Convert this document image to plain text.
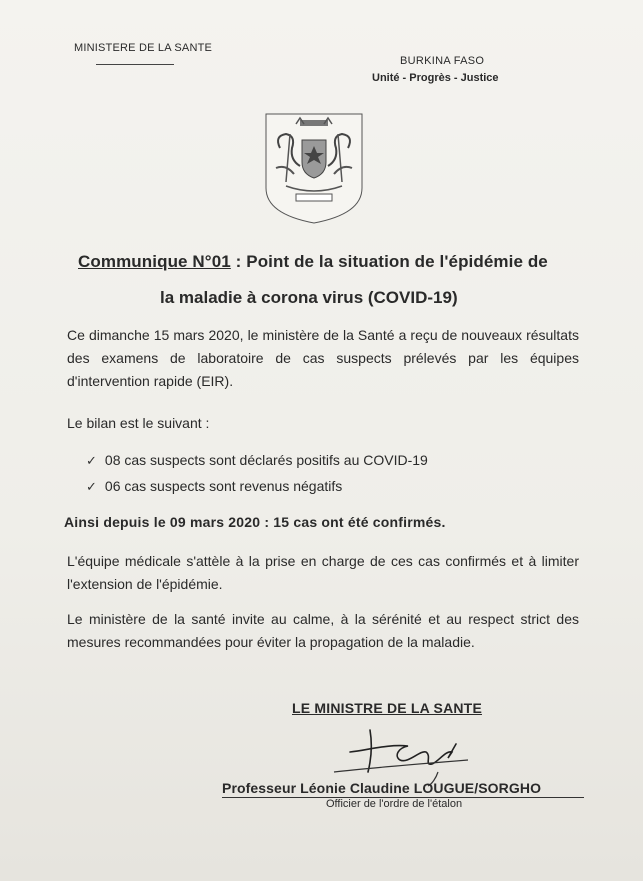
MINISTERE DE LA SANTE
BURKINA FASO
Unité - Progrès - Justice
Communique N°01 : Point de la situation de l'épidémie de
la maladie à corona virus (COVID-19)
Ce dimanche 15 mars 2020, le ministère de la Santé a reçu de nouveaux résultats des examens de laboratoire de cas suspects prélevés par les équipes d'intervention rapide (EIR).
Le bilan est le suivant :
✓ 08 cas suspects sont déclarés positifs au COVID-19
✓ 06 cas suspects sont revenus négatifs
Ainsi depuis le 09 mars 2020 : 15 cas ont été confirmés.
L'équipe médicale s'attèle à la prise en charge de ces cas confirmés et à limiter l'extension de l'épidémie.
Le ministère de la santé invite au calme, à la sérénité et au respect strict des mesures recommandées pour éviter la propagation de la maladie.
LE MINISTRE DE LA SANTE
Professeur Léonie Claudine LOUGUE/SORGHO
Officier de l'ordre de l'étalon
